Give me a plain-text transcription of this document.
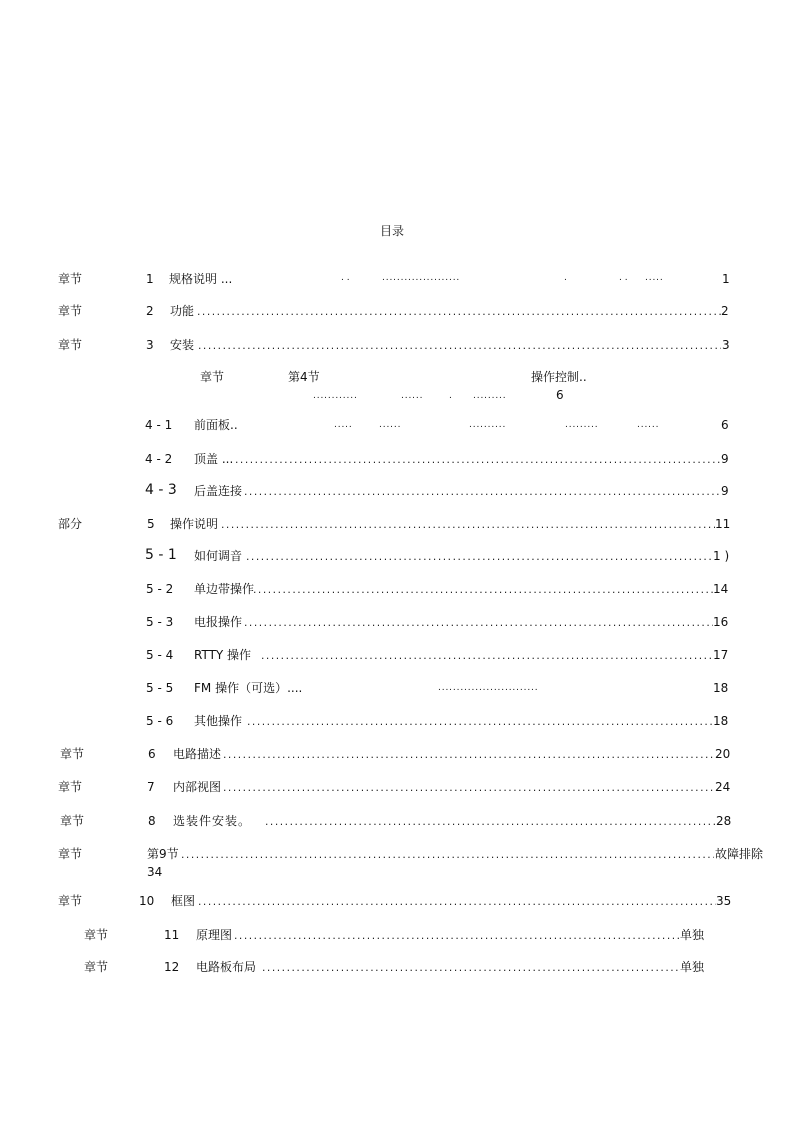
目录
章节	1 规格说明 ...	. .	. . . . . . . . . . . . . . . . . . . . .	.	. . . . . . .	1
章节	2 功能 .....	2
章节	3 安装 .....	3
章节	第4节	操作控制..
. . . . . . . . . . . .	. . . . . .	. . . . . . . . . .	6
4 - 1 前面板..	. . . . .	. . . . . .	. . . . . . . . . .	. . . . . . . . .	. . . . . .	6
4 - 2 顶盖 ... .....	9
4 - 3 后盖连接 .....	9
部分	5 操作说明 .....	11
5 - 1 如何调音 .....	1 )
5 - 2 单边带操作 .....	14
5 - 3 电报操作 .....	16
5 - 4 RTTY 操作 .....	17
5 - 5 FM 操作（可选）....	. . . . . . . . . . . . . . . . . . . . . . . . . . .	18
5 - 6 其他操作 .....	18
章节	6 电路描述 .....	20
章节	7 内部视图 .....	24
章节	8 选装件安装。 .....	28
章节	第9节 .....	故障排除
34
章节	10 框图 .....	35
章节	11 原理图 .....	单独
章节	12 电路板布局 .....	单独
